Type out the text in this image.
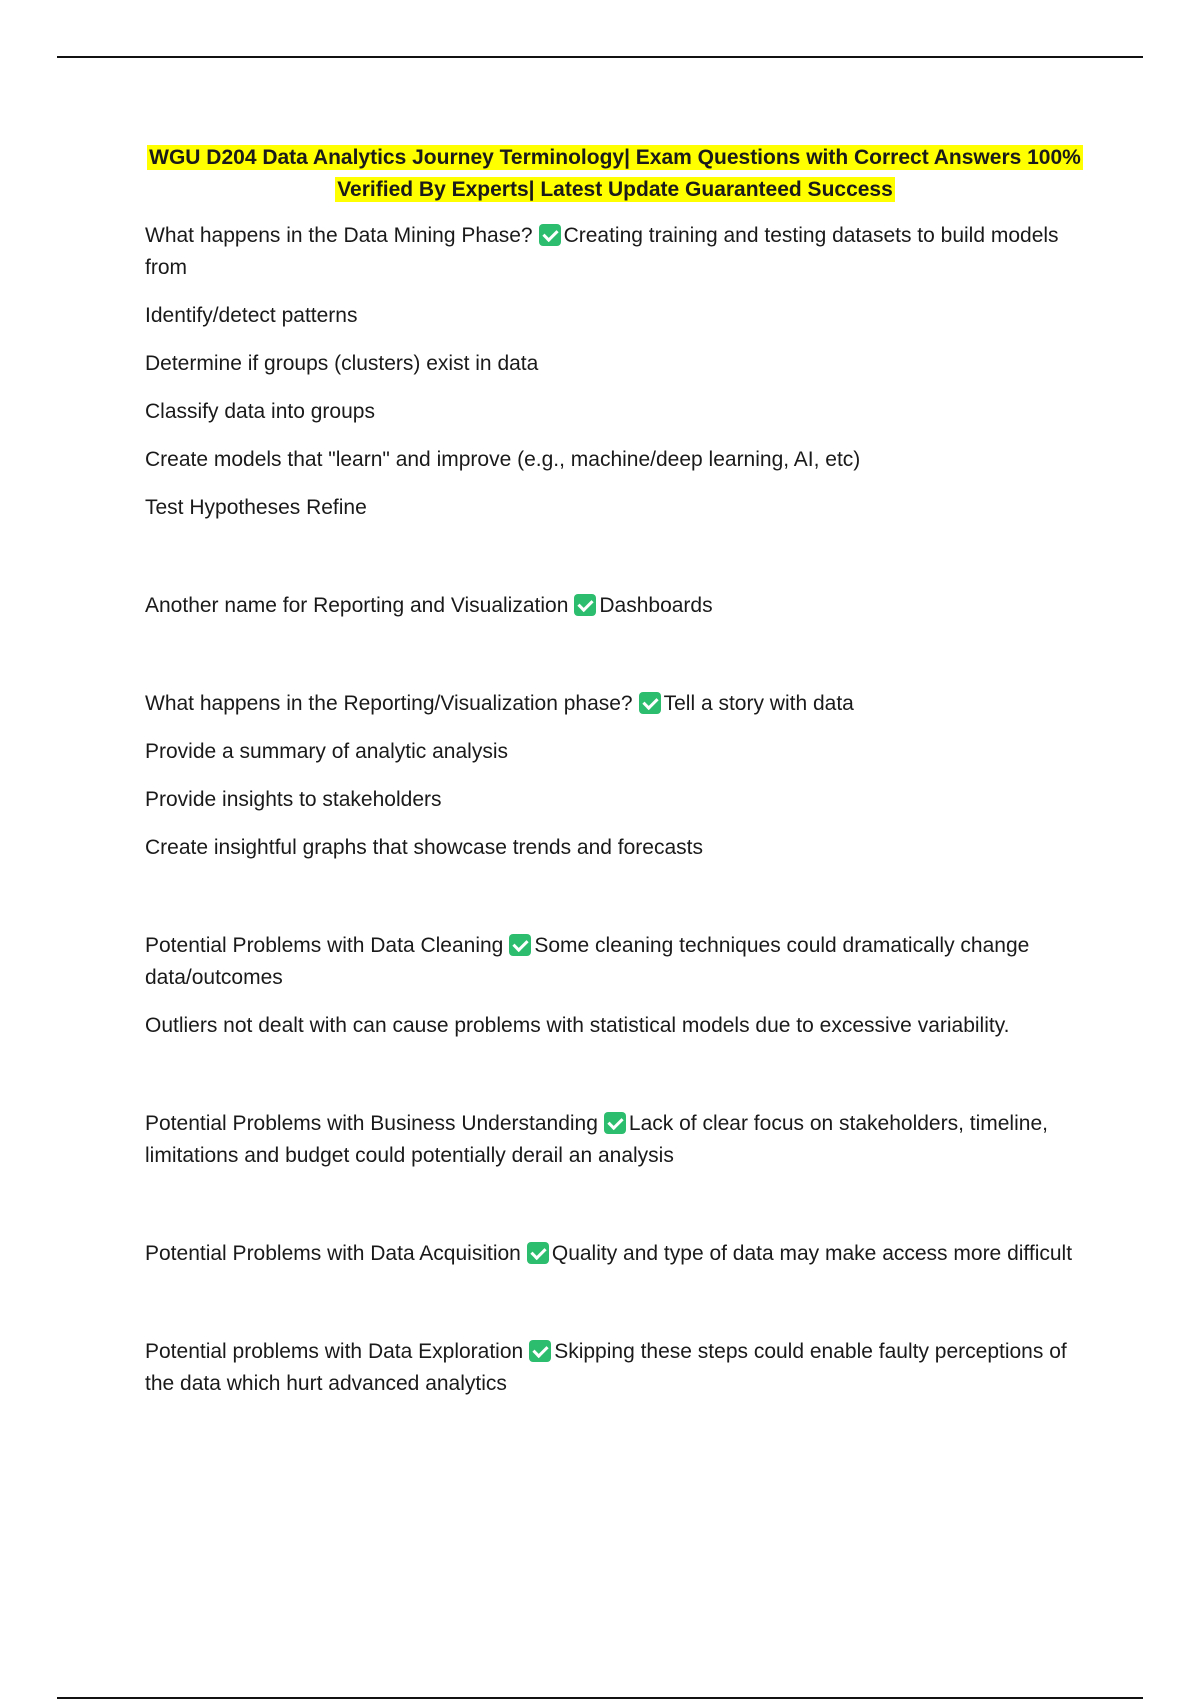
WGU D204 Data Analytics Journey Terminology| Exam Questions with Correct Answers 100%
Verified By Experts| Latest Update Guaranteed Success
What happens in the Data Mining Phase? Creating training and testing datasets to build models from
Identify/detect patterns
Determine if groups (clusters) exist in data
Classify data into groups
Create models that "learn" and improve (e.g., machine/deep learning, AI, etc)
Test Hypotheses Refine
Another name for Reporting and Visualization Dashboards
What happens in the Reporting/Visualization phase? Tell a story with data
Provide a summary of analytic analysis
Provide insights to stakeholders
Create insightful graphs that showcase trends and forecasts
Potential Problems with Data Cleaning Some cleaning techniques could dramatically change data/outcomes
Outliers not dealt with can cause problems with statistical models due to excessive variability.
Potential Problems with Business Understanding Lack of clear focus on stakeholders, timeline, limitations and budget could potentially derail an analysis
Potential Problems with Data Acquisition Quality and type of data may make access more difficult
Potential problems with Data Exploration Skipping these steps could enable faulty perceptions of the data which hurt advanced analytics
